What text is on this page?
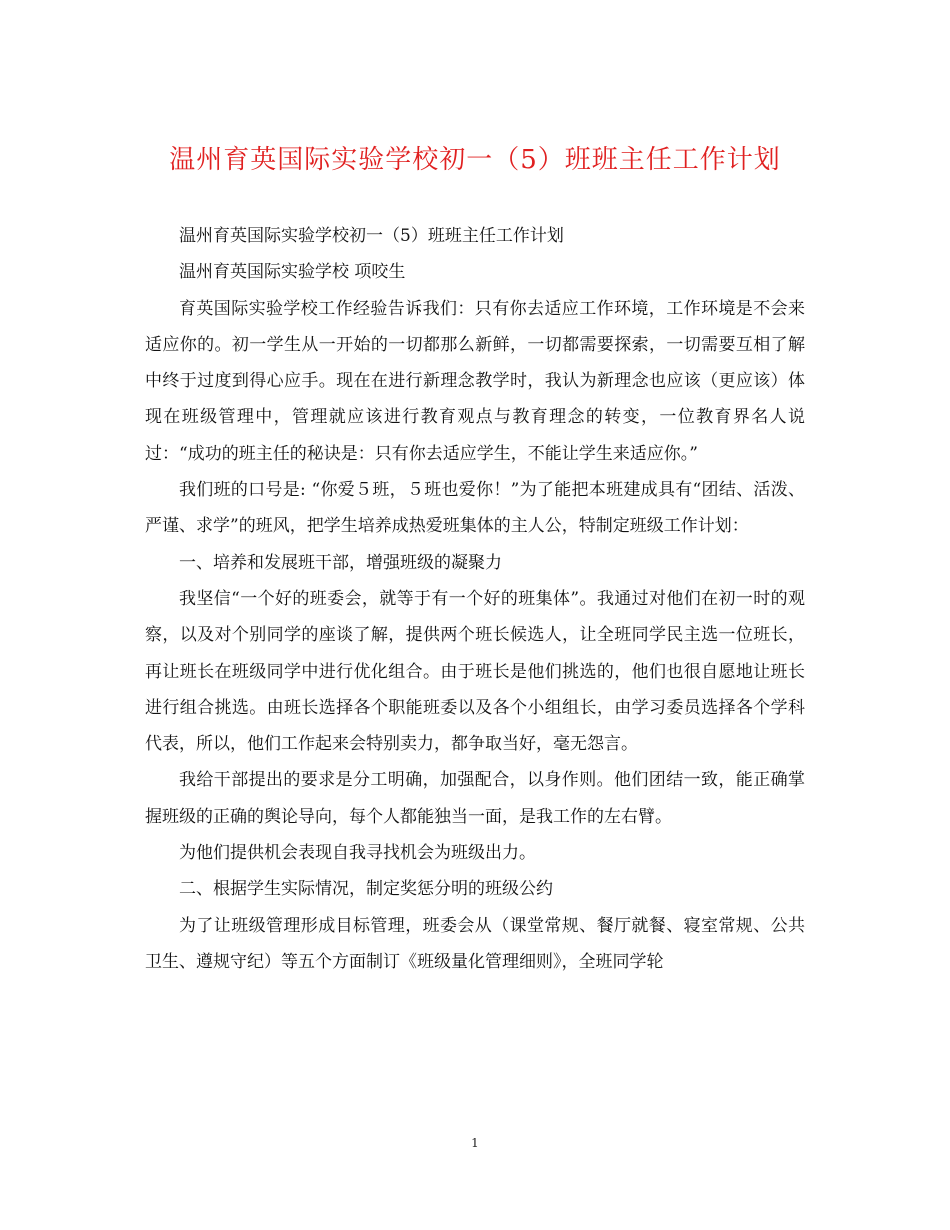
温州育英国际实验学校初一（5）班班主任工作计划

温州育英国际实验学校初一（5）班班主任工作计划

温州育英国际实验学校 项咬生

育英国际实验学校工作经验告诉我们：只有你去适应工作环境，工作环境是不会来适应你的。初一学生从一开始的一切都那么新鲜，一切都需要探索，一切需要互相了解中终于过度到得心应手。现在在进行新理念教学时，我认为新理念也应该（更应该）体现在班级管理中，管理就应该进行教育观点与教育理念的转变，一位教育界名人说过：“成功的班主任的秘诀是：只有你去适应学生，不能让学生来适应你。”

我们班的口号是: “你爱５班，５班也爱你！”为了能把本班建成具有“团结、活泼、严谨、求学”的班风，把学生培养成热爱班集体的主人公，特制定班级工作计划：

一、培养和发展班干部，增强班级的凝聚力

我坚信“一个好的班委会，就等于有一个好的班集体”。我通过对他们在初一时的观察，以及对个别同学的座谈了解，提供两个班长候选人，让全班同学民主选一位班长，再让班长在班级同学中进行优化组合。由于班长是他们挑选的，他们也很自愿地让班长进行组合挑选。由班长选择各个职能班委以及各个小组组长，由学习委员选择各个学科代表，所以，他们工作起来会特别卖力，都争取当好，毫无怨言。

我给干部提出的要求是分工明确，加强配合，以身作则。他们团结一致，能正确掌握班级的正确的舆论导向，每个人都能独当一面，是我工作的左右臂。

为他们提供机会表现自我寻找机会为班级出力。

二、根据学生实际情况，制定奖惩分明的班级公约

为了让班级管理形成目标管理，班委会从（课堂常规、餐厅就餐、寝室常规、公共卫生、遵规守纪）等五个方面制订《班级量化管理细则》，全班同学轮

1
